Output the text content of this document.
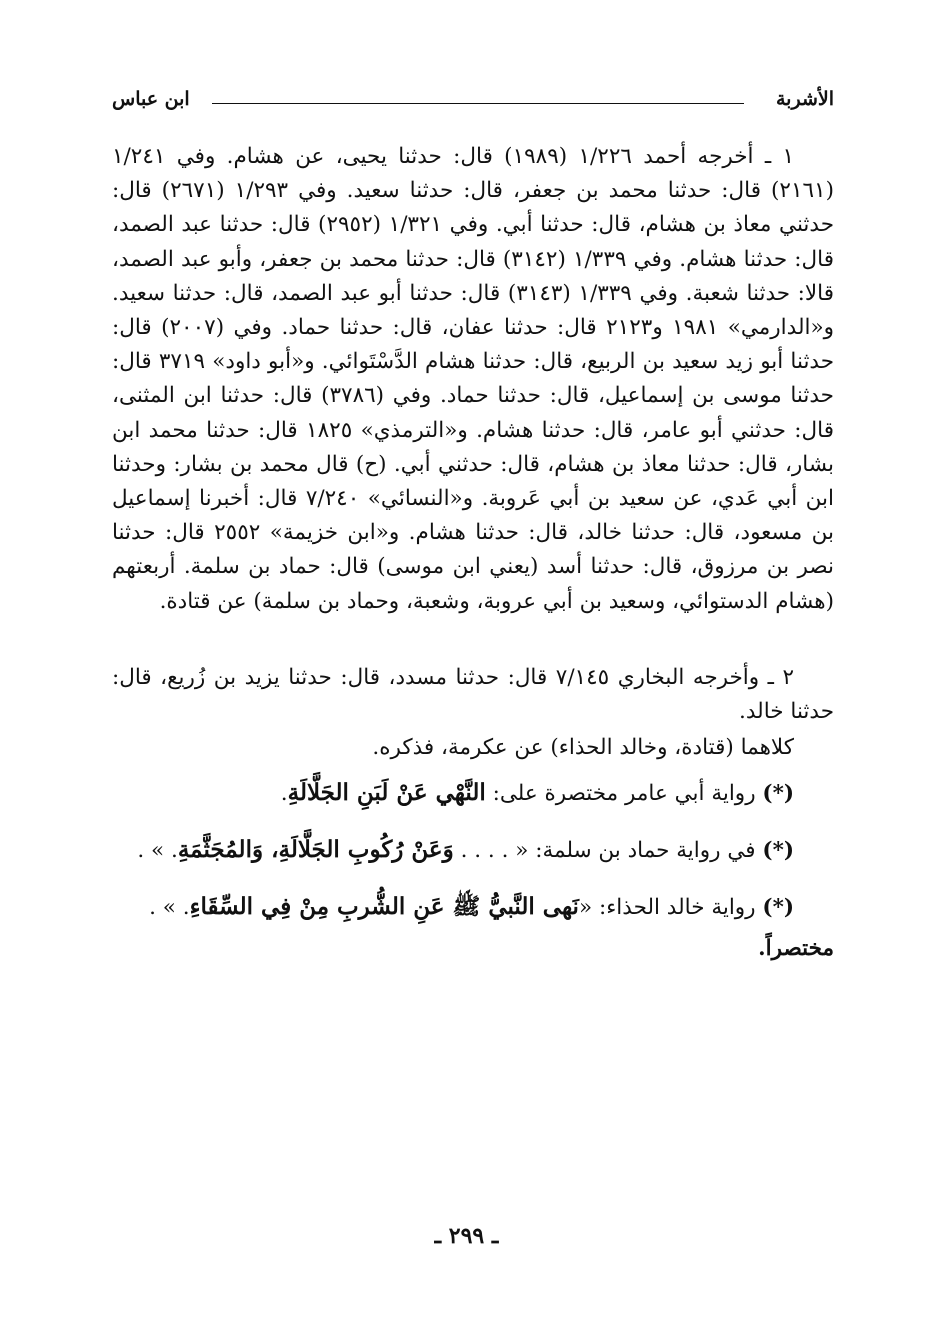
الأشربة
ابن عباس

١ ـ أخرجه أحمد ١/٢٢٦ (١٩٨٩) قال: حدثنا يحيى، عن هشام. وفي ١/٢٤١ (٢١٦١) قال: حدثنا محمد بن جعفر، قال: حدثنا سعيد. وفي ١/٢٩٣ (٢٦٧١) قال: حدثني معاذ بن هشام، قال: حدثنا أبي. وفي ١/٣٢١ (٢٩٥٢) قال: حدثنا عبد الصمد، قال: حدثنا هشام. وفي ١/٣٣٩ (٣١٤٢) قال: حدثنا محمد بن جعفر، وأبو عبد الصمد، قالا: حدثنا شعبة. وفي ١/٣٣٩ (٣١٤٣) قال: حدثنا أبو عبد الصمد، قال: حدثنا سعيد. و«الدارمي» ١٩٨١ و٢١٢٣ قال: حدثنا عفان، قال: حدثنا حماد. وفي (٢٠٠٧) قال: حدثنا أبو زيد سعيد بن الربيع، قال: حدثنا هشام الدَّسْتَوائي. و«أبو داود» ٣٧١٩ قال: حدثنا موسى بن إسماعيل، قال: حدثنا حماد. وفي (٣٧٨٦) قال: حدثنا ابن المثنى، قال: حدثني أبو عامر، قال: حدثنا هشام. و«الترمذي» ١٨٢٥ قال: حدثنا محمد ابن بشار، قال: حدثنا معاذ بن هشام، قال: حدثني أبي. (ح) قال محمد بن بشار: وحدثنا ابن أبي عَدي، عن سعيد بن أبي عَروبة. و«النسائي» ٧/٢٤٠ قال: أخبرنا إسماعيل بن مسعود، قال: حدثنا خالد، قال: حدثنا هشام. و«ابن خزيمة» ٢٥٥٢ قال: حدثنا نصر بن مرزوق، قال: حدثنا أسد (يعني ابن موسى) قال: حماد بن سلمة. أربعتهم (هشام الدستوائي، وسعيد بن أبي عروبة، وشعبة، وحماد بن سلمة) عن قتادة.

٢ ـ وأخرجه البخاري ٧/١٤٥ قال: حدثنا مسدد، قال: حدثنا يزيد بن زُريع، قال: حدثنا خالد.

كلاهما (قتادة، وخالد الحذاء) عن عكرمة، فذكره.

(*) رواية أبي عامر مختصرة على: النَّهْي عَنْ لَبَنِ الجَلَّالَةِ.

(*) في رواية حماد بن سلمة: « . . . . وَعَنْ رُكُوبِ الجَلَّالَةِ، وَالمُجَثَّمَةِ. » .

(*) رواية خالد الحذاء: «نَهى النَّبيُّ ﷺ عَنِ الشُّربِ مِنْ فِي السِّقَاءِ. » .

مختصراً.

ـ ٢٩٩ ـ
